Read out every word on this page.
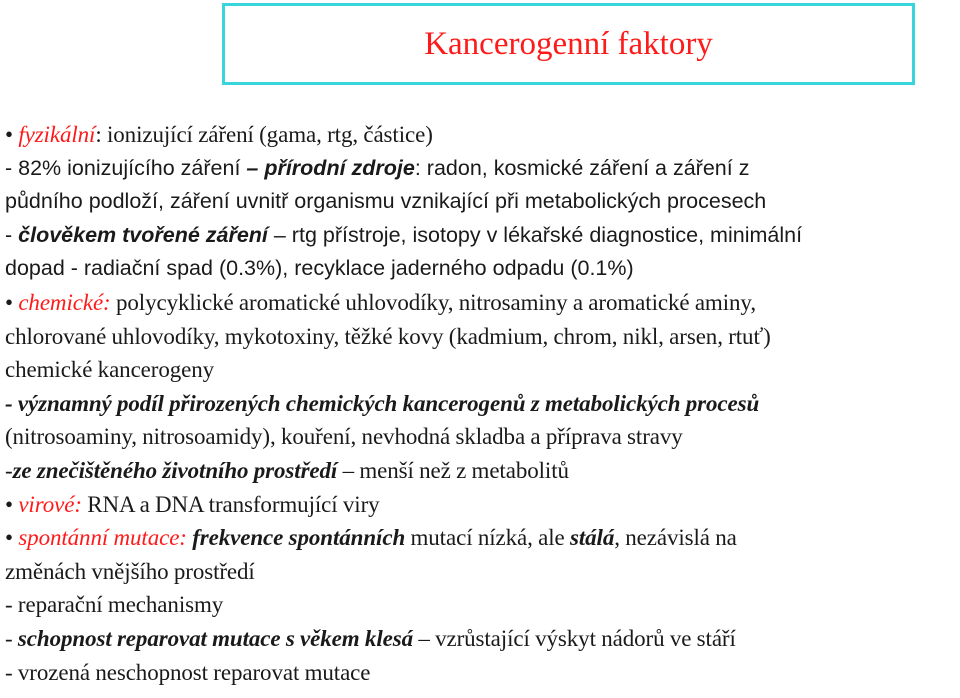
Kancerogenní faktory

• fyzikální: ionizující záření (gama, rtg, částice)

- 82% ionizujícího záření – přírodní zdroje: radon, kosmické záření a záření z

půdního podloží, záření uvnitř organismu vznikající při metabolických procesech

- člověkem tvořené záření – rtg přístroje, isotopy v lékařské diagnostice, minimální

dopad - radiační spad (0.3%), recyklace jaderného odpadu (0.1%)

• chemické: polycyklické aromatické uhlovodíky, nitrosaminy a aromatické aminy,

chlorované uhlovodíky, mykotoxiny, těžké kovy (kadmium, chrom, nikl, arsen, rtuť)

chemické kancerogeny

- významný podíl přirozených chemických kancerogenů z metabolických procesů

(nitrosoaminy, nitrosoamidy), kouření, nevhodná skladba a příprava stravy

-ze znečištěného životního prostředí – menší než z metabolitů

• virové: RNA a DNA transformující viry

• spontánní mutace: frekvence spontánních mutací nízká, ale stálá, nezávislá na

změnách vnějšího prostředí

- reparační mechanismy

- schopnost reparovat mutace s věkem klesá – vzrůstající výskyt nádorů ve stáří

- vrozená neschopnost reparovat mutace
